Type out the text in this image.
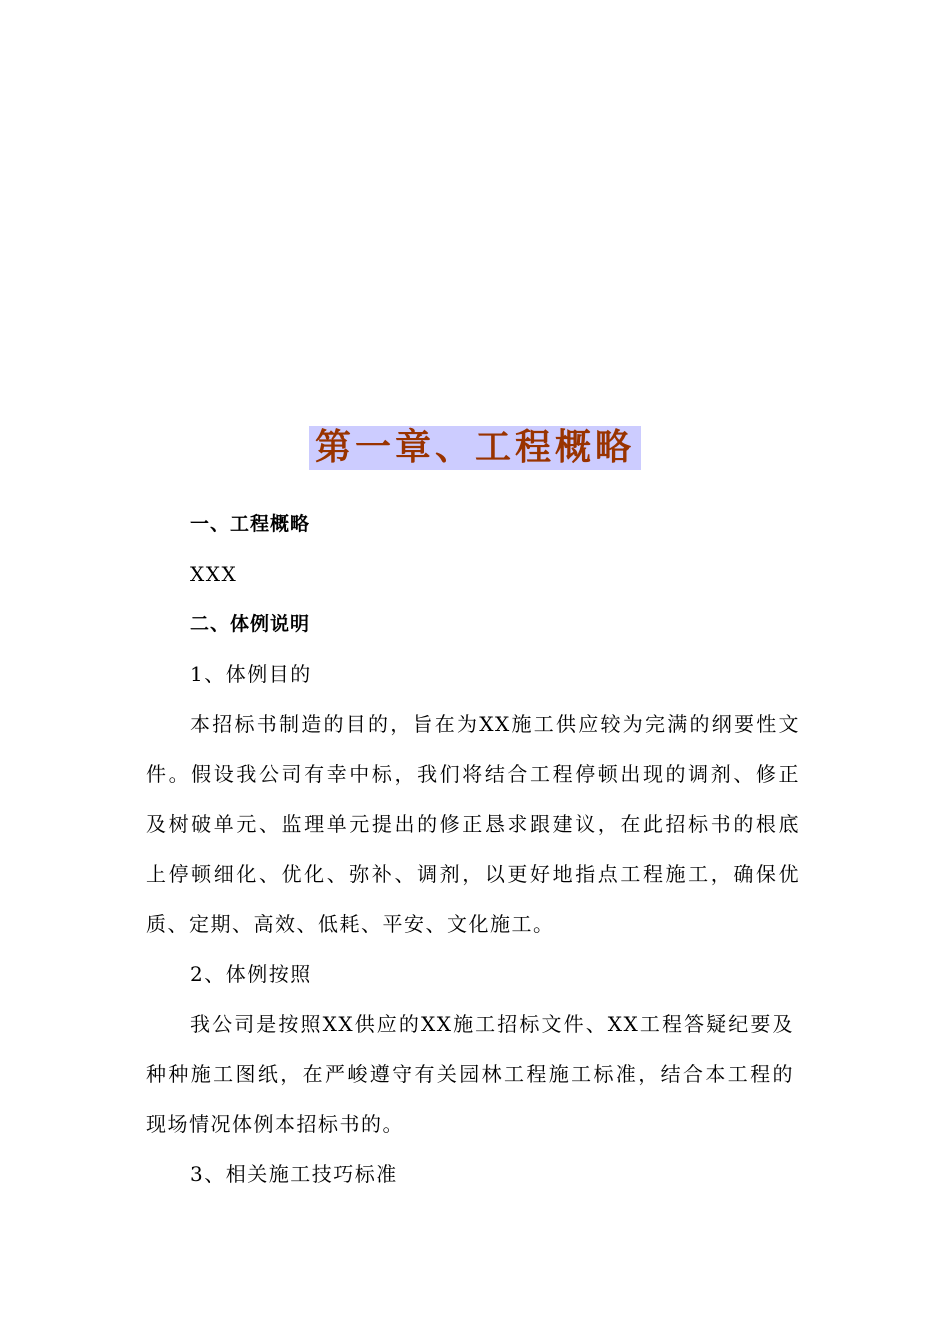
第一章、工程概略
一、工程概略
XXX
二、体例说明
1、体例目的
本招标书制造的目的，旨在为XX施工供应较为完满的纲要性文
件。假设我公司有幸中标，我们将结合工程停顿出现的调剂、修正
及树破单元、监理单元提出的修正恳求跟建议，在此招标书的根底
上停顿细化、优化、弥补、调剂，以更好地指点工程施工，确保优
质、定期、高效、低耗、平安、文化施工。
2、体例按照
我公司是按照XX供应的XX施工招标文件、XX工程答疑纪要及
种种施工图纸，在严峻遵守有关园林工程施工标准，结合本工程的
现场情况体例本招标书的。
3、相关施工技巧标准
